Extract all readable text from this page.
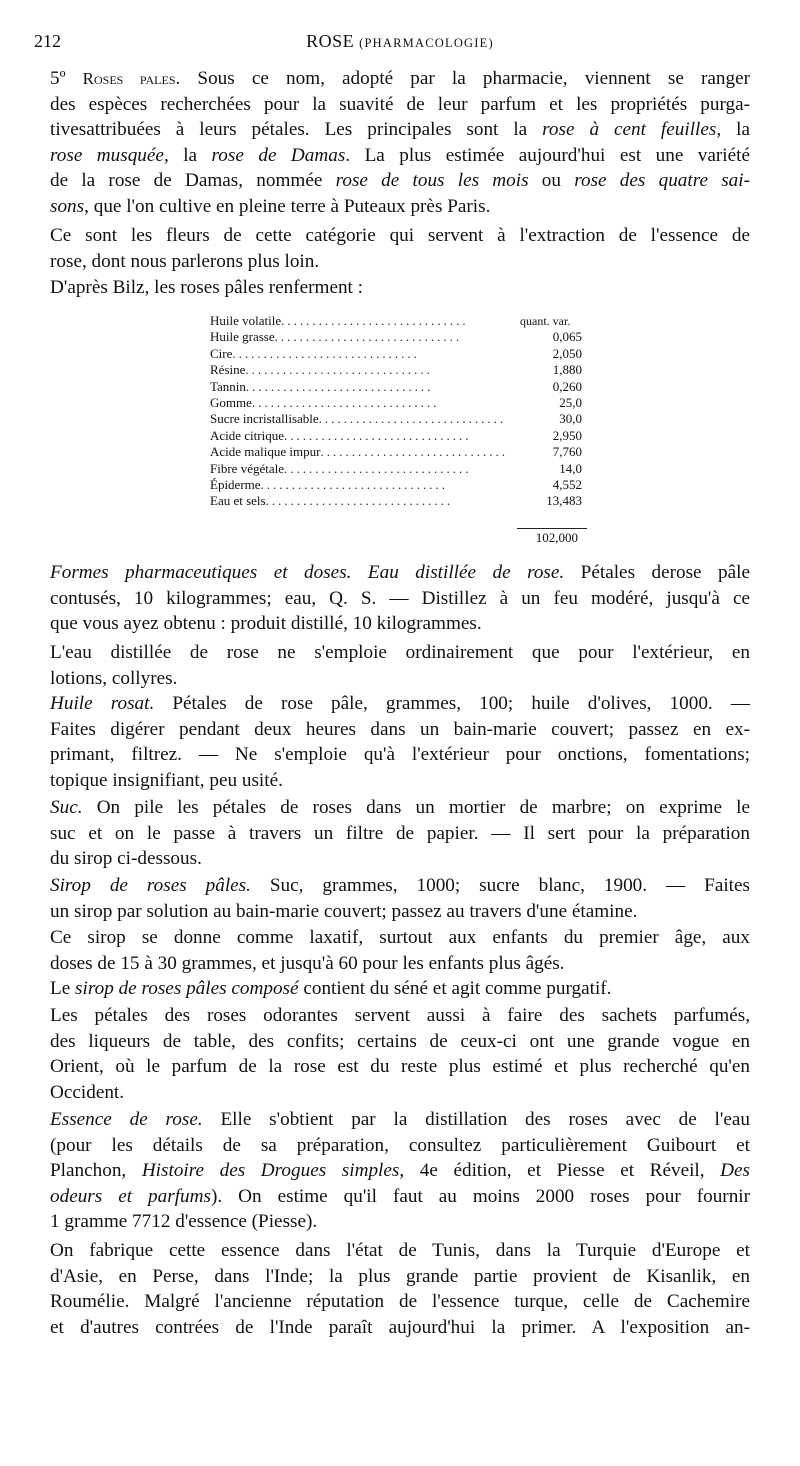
212	ROSE (PHARMACOLOGIE)
5º Roses pales. Sous ce nom, adopté par la pharmacie, viennent se ranger
des espèces recherchées pour la suavité de leur parfum et les propriétés purga-
tivesattribuées à leurs pétales. Les principales sont la rose à cent feuilles, la
rose musquée, la rose de Damas. La plus estimée aujourd'hui est une variété
de la rose de Damas, nommée rose de tous les mois ou rose des quatre sai-
sons, que l'on cultive en pleine terre à Puteaux près Paris.
Ce sont les fleurs de cette catégorie qui servent à l'extraction de l'essence de
rose, dont nous parlerons plus loin.
D'après Bilz, les roses pâles renferment :
Huile volatile..............................	quant. var.
Huile grasse..............................	0,065
Cire..............................	2,050
Résine..............................	1,880
Tannin..............................	0,260
Gomme..............................	25,0
Sucre incristallisable..............................	30,0
Acide citrique..............................	2,950
Acide malique impur..............................	7,760
Fibre végétale..............................	14,0
Épiderme..............................	4,552
Eau et sels..............................	13,483
102,000
Formes pharmaceutiques et doses. Eau distillée de rose. Pétales derose pâle
contusés, 10 kilogrammes; eau, Q. S. — Distillez à un feu modéré, jusqu'à ce
que vous ayez obtenu : produit distillé, 10 kilogrammes.
L'eau distillée de rose ne s'emploie ordinairement que pour l'extérieur, en
lotions, collyres.
Huile rosat. Pétales de rose pâle, grammes, 100; huile d'olives, 1000. —
Faites digérer pendant deux heures dans un bain-marie couvert; passez en ex-
primant, filtrez. — Ne s'emploie qu'à l'extérieur pour onctions, fomentations;
topique insignifiant, peu usité.
Suc. On pile les pétales de roses dans un mortier de marbre; on exprime le
suc et on le passe à travers un filtre de papier. — Il sert pour la préparation
du sirop ci-dessous.
Sirop de roses pâles. Suc, grammes, 1000; sucre blanc, 1900. — Faites
un sirop par solution au bain-marie couvert; passez au travers d'une étamine.
Ce sirop se donne comme laxatif, surtout aux enfants du premier âge, aux
doses de 15 à 30 grammes, et jusqu'à 60 pour les enfants plus âgés.
Le sirop de roses pâles composé contient du séné et agit comme purgatif.
Les pétales des roses odorantes servent aussi à faire des sachets parfumés,
des liqueurs de table, des confits; certains de ceux-ci ont une grande vogue en
Orient, où le parfum de la rose est du reste plus estimé et plus recherché qu'en
Occident.
Essence de rose. Elle s'obtient par la distillation des roses avec de l'eau
(pour les détails de sa préparation, consultez particulièrement Guibourt et
Planchon, Histoire des Drogues simples, 4e édition, et Piesse et Réveil, Des
odeurs et parfums). On estime qu'il faut au moins 2000 roses pour fournir
1 gramme 7712 d'essence (Piesse).
On fabrique cette essence dans l'état de Tunis, dans la Turquie d'Europe et
d'Asie, en Perse, dans l'Inde; la plus grande partie provient de Kisanlik, en
Roumélie. Malgré l'ancienne réputation de l'essence turque, celle de Cachemire
et d'autres contrées de l'Inde paraît aujourd'hui la primer. A l'exposition an-
